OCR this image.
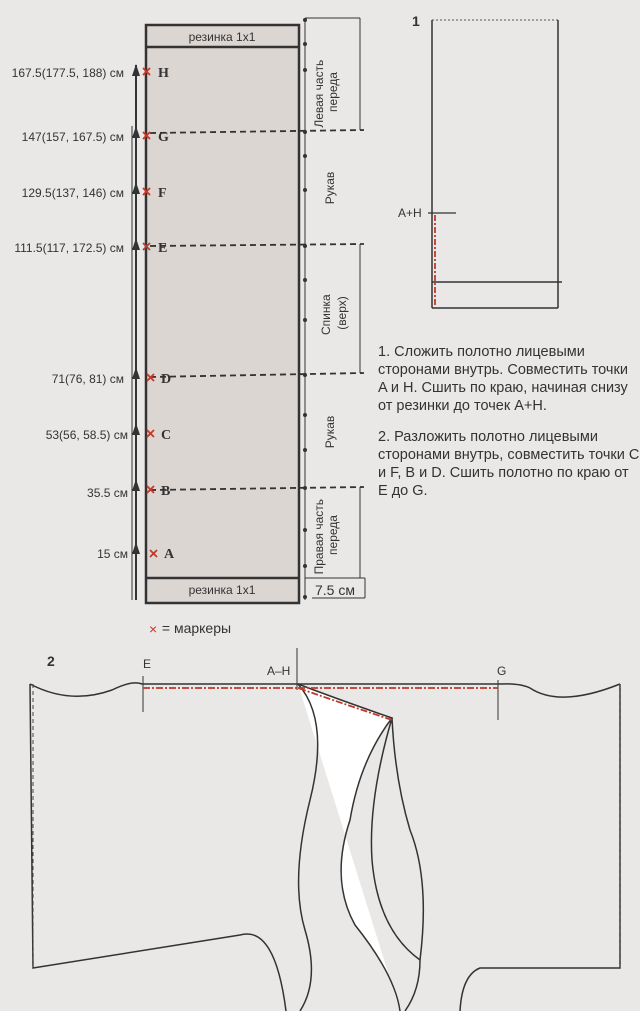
резинка 1x1
резинка 1x1
H
G
F
E
D
C
B
A
167.5(177.5, 188) см
147(157, 167.5) см
129.5(137, 146) см
111.5(117, 172.5) см
71(76, 81) см
53(56, 58.5) см
35.5 см
15 см
Левая часть переда
Рукав
Спинка (верх)
Рукав
Правая часть переда
7.5 см
× = маркеры
1
A+H
2	E	A–H	G

1. Сложить полотно лицевыми сторонами внутрь. Совместить точки A и H. Сшить по краю, начиная снизу от резинки до точек A+H.

2. Разложить полотно лицевыми сторонами внутрь, совместить точки C и F, B и D. Сшить полотно по краю от E до G.
